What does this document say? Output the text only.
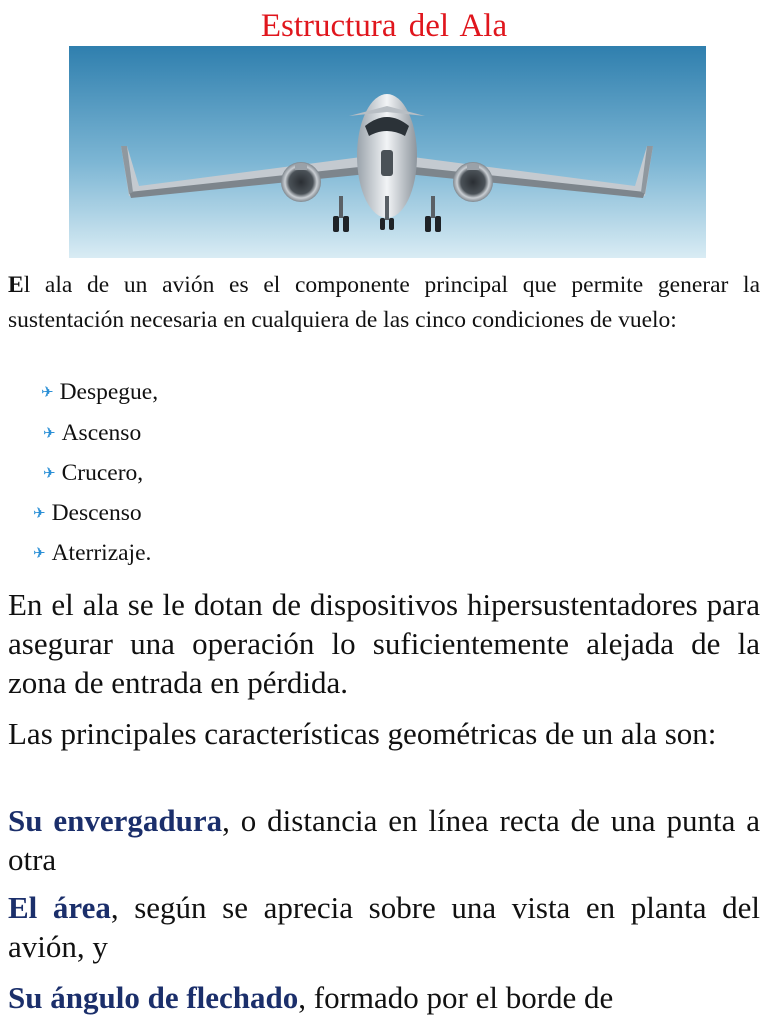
Estructura del Ala
El ala de un avión es el componente principal que permite generar la sustentación necesaria en cualquiera de las cinco condiciones de vuelo:
✈ Despegue,
✈ Ascenso
✈ Crucero,
✈ Descenso
✈ Aterrizaje.
En el ala se le dotan de dispositivos hipersustentadores para asegurar una operación lo suficientemente alejada de la zona de entrada en pérdida.
Las principales características geométricas de un ala son:
Su envergadura, o distancia en línea recta de una punta a otra
El área, según se aprecia sobre una vista en planta del avión, y
Su ángulo de flechado, formado por el borde de
